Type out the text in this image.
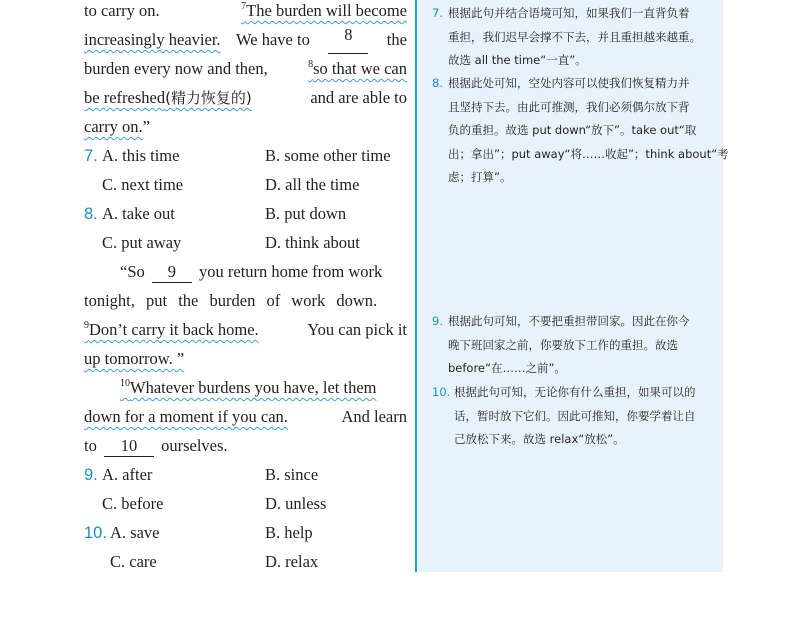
to carry on.	$^7$The burden will become
increasingly heavier. We have to	8	the
burden every now and then,	$^8$so that we can
be refreshed(精力恢复的)	and are able to
carry on.”
7. A. this time	B. some other time
C. next time	D. all the time
8. A. take out	B. put down
C. put away	D. think about
“So 9 you return home from work
tonight, put the burden of work down.
$^9$Don’t carry it back home.	You can pick it
up tomorrow. ”
$^{10}$Whatever burdens you have, let them
down for a moment if you can.	And learn
to 10 ourselves.
9. A. after	B. since
C. before	D. unless
10. A. save	B. help
C. care	D. relax
7. 根据此句并结合语境可知，如果我们一直背负着
重担，我们迟早会撑不下去，并且重担越来越重。
故选 all the time“一直”。
8. 根据此处可知，空处内容可以使我们恢复精力并
且坚持下去。由此可推测，我们必须偶尔放下背
负的重担。故选 put down“放下”。take out“取
出；拿出”；put away“将……收起”；think about“考
虑；打算”。
9. 根据此句可知，不要把重担带回家。因此在你今
晚下班回家之前，你要放下工作的重担。故选
before“在……之前”。
10. 根据此句可知，无论你有什么重担，如果可以的
话，暂时放下它们。因此可推知，你要学着让自
己放松下来。故选 relax“放松”。
